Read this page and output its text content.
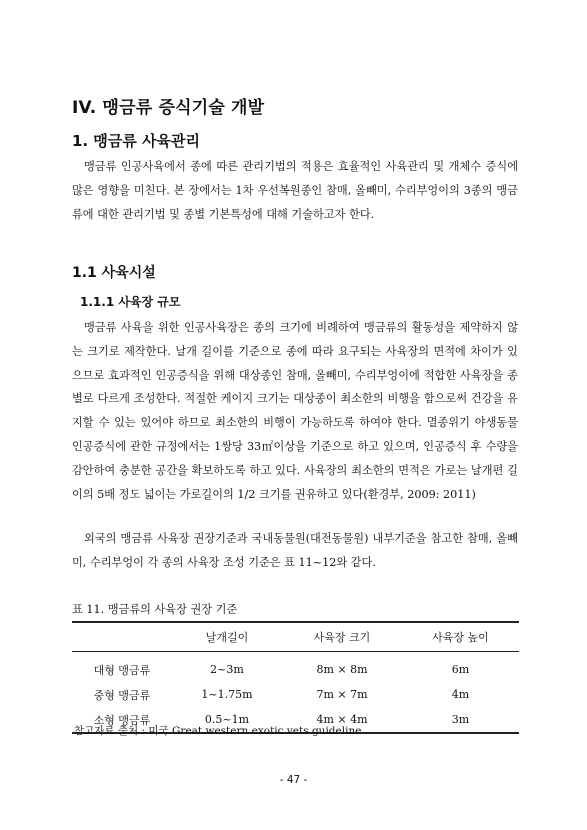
IV. 맹금류 증식기술 개발
1. 맹금류 사육관리

맹금류 인공사육에서 종에 따른 관리기법의 적용은 효율적인 사육관리 및 개체수 증식에 많은 영향을 미친다. 본 장에서는 1차 우선복원종인 참매, 올빼미, 수리부엉이의 3종의 맹금류에 대한 관리기법 및 종별 기본특성에 대해 기술하고자 한다.

1.1 사육시설
1.1.1 사육장 규모

맹금류 사육을 위한 인공사육장은 종의 크기에 비례하여 맹금류의 활동성을 제약하지 않는 크기로 제작한다. 날개 길이를 기준으로 종에 따라 요구되는 사육장의 면적에 차이가 있으므로 효과적인 인공증식을 위해 대상종인 참매, 올빼미, 수리부엉이에 적합한 사육장을 종별로 다르게 조성한다. 적절한 케이지 크기는 대상종이 최소한의 비행을 함으로써 건강을 유지할 수 있는 있어야 하므로 최소한의 비행이 가능하도록 하여야 한다. 멸종위기 야생동물 인공증식에 관한 규정에서는 1쌍당 33㎡이상을 기준으로 하고 있으며, 인공증식 후 수량을 감안하여 충분한 공간을 확보하도록 하고 있다. 사육장의 최소한의 면적은 가로는 날개편 길이의 5배 정도 넓이는 가로길이의 1/2 크기를 권유하고 있다(환경부, 2009: 2011)

외국의 맹금류 사육장 권장기준과 국내동물원(대전동물원) 내부기준을 참고한 참매, 올빼미, 수리부엉이 각 종의 사육장 조성 기준은 표 11~12와 같다.

표 11. 맹금류의 사육장 권장 기준
	날개길이	사육장 크기	사육장 높이
대형 맹금류	2~3m	8m × 8m	6m
중형 맹금류	1~1.75m	7m × 7m	4m
소형 맹금류	0.5~1m	4m × 4m	3m
참고자료 출처 : 미국 Great western exotic vets guideline
- 47 -
